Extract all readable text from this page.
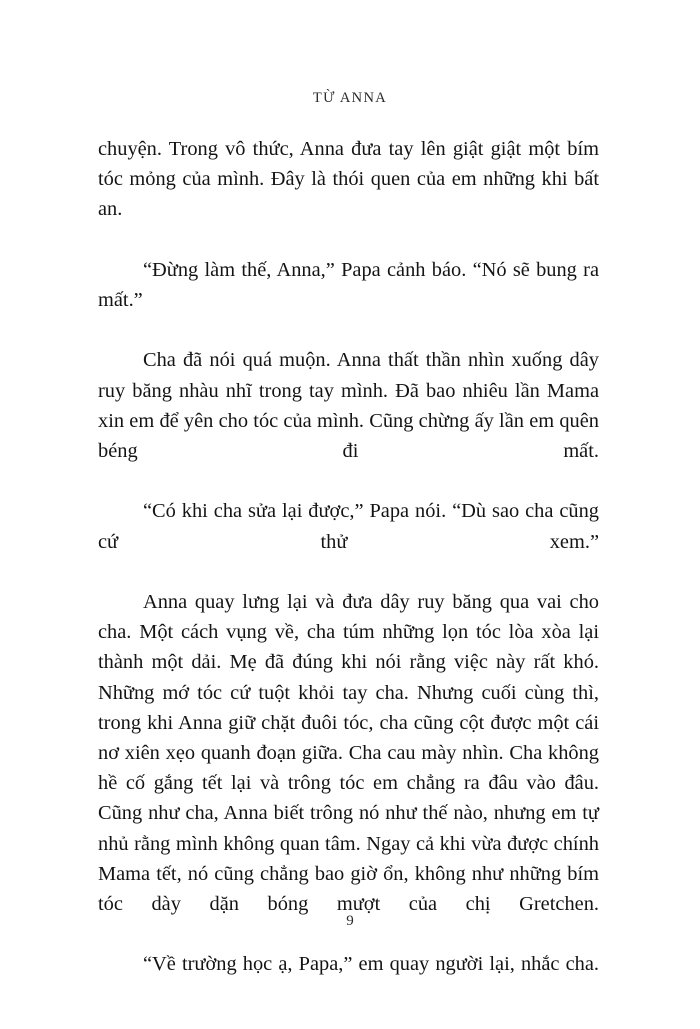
TỪ ANNA

chuyện. Trong vô thức, Anna đưa tay lên giật giật một bím tóc mỏng của mình. Đây là thói quen của em những khi bất an.

“Đừng làm thế, Anna,” Papa cảnh báo. “Nó sẽ bung ra mất.”

Cha đã nói quá muộn. Anna thất thần nhìn xuống dây ruy băng nhàu nhĩ trong tay mình. Đã bao nhiêu lần Mama xin em để yên cho tóc của mình. Cũng chừng ấy lần em quên béng đi mất.

“Có khi cha sửa lại được,” Papa nói. “Dù sao cha cũng cứ thử xem.”

Anna quay lưng lại và đưa dây ruy băng qua vai cho cha. Một cách vụng về, cha túm những lọn tóc lòa xòa lại thành một dải. Mẹ đã đúng khi nói rằng việc này rất khó. Những mớ tóc cứ tuột khỏi tay cha. Nhưng cuối cùng thì, trong khi Anna giữ chặt đuôi tóc, cha cũng cột được một cái nơ xiên xẹo quanh đoạn giữa. Cha cau mày nhìn. Cha không hề cố gắng tết lại và trông tóc em chẳng ra đâu vào đâu. Cũng như cha, Anna biết trông nó như thế nào, nhưng em tự nhủ rằng mình không quan tâm. Ngay cả khi vừa được chính Mama tết, nó cũng chẳng bao giờ ổn, không như những bím tóc dày dặn bóng mượt của chị Gretchen.

“Về trường học ạ, Papa,” em quay người lại, nhắc cha.

9
